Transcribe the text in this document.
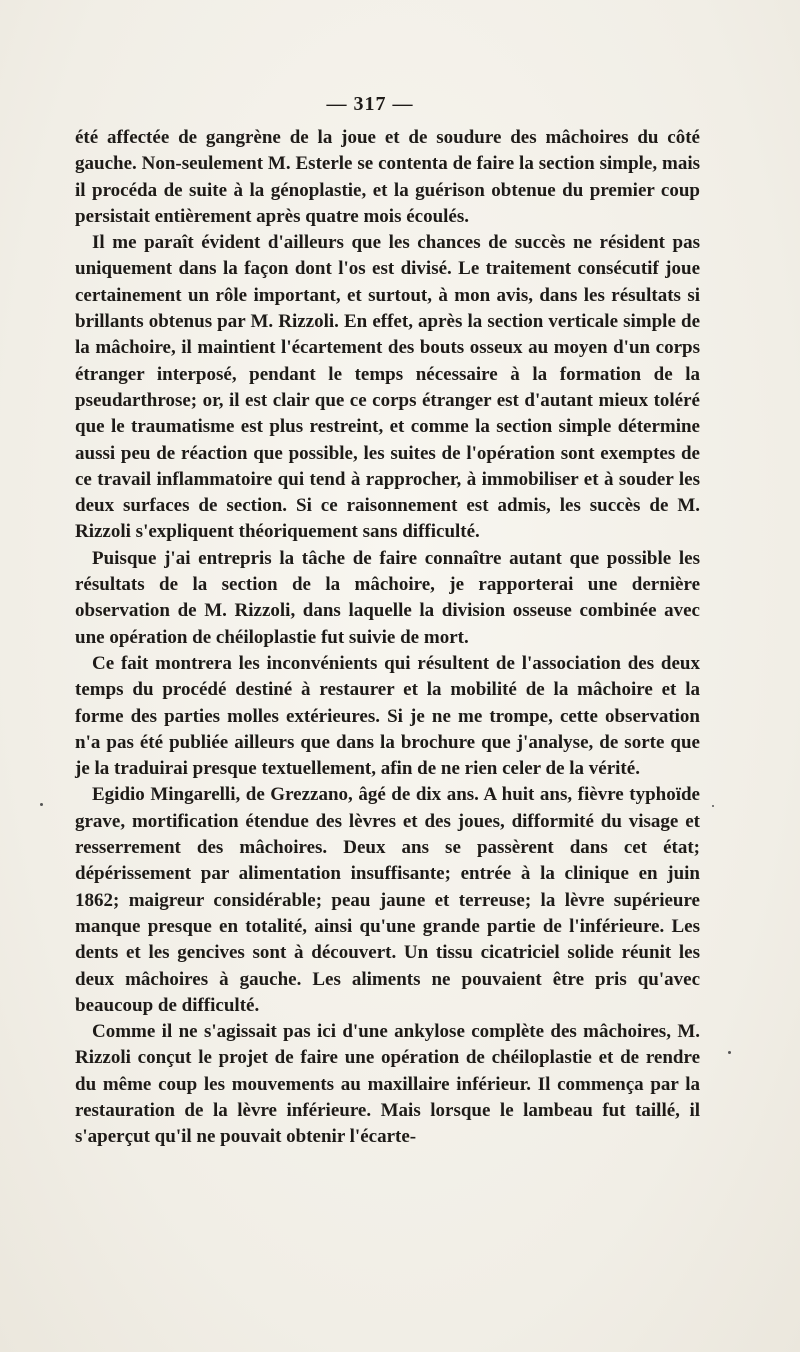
— 317 —

été affectée de gangrène de la joue et de soudure des mâchoires du côté gauche. Non-seulement M. Esterle se contenta de faire la section simple, mais il procéda de suite à la génoplastie, et la guérison obtenue du premier coup persistait entièrement après quatre mois écoulés.

Il me paraît évident d'ailleurs que les chances de succès ne résident pas uniquement dans la façon dont l'os est divisé. Le traitement consécutif joue certainement un rôle important, et surtout, à mon avis, dans les résultats si brillants obtenus par M. Rizzoli. En effet, après la section verticale simple de la mâchoire, il maintient l'écartement des bouts osseux au moyen d'un corps étranger interposé, pendant le temps nécessaire à la formation de la pseudarthrose; or, il est clair que ce corps étranger est d'autant mieux toléré que le traumatisme est plus restreint, et comme la section simple détermine aussi peu de réaction que possible, les suites de l'opération sont exemptes de ce travail inflammatoire qui tend à rapprocher, à immobiliser et à souder les deux surfaces de section. Si ce raisonnement est admis, les succès de M. Rizzoli s'expliquent théoriquement sans difficulté.

Puisque j'ai entrepris la tâche de faire connaître autant que possible les résultats de la section de la mâchoire, je rapporterai une dernière observation de M. Rizzoli, dans laquelle la division osseuse combinée avec une opération de chéiloplastie fut suivie de mort.

Ce fait montrera les inconvénients qui résultent de l'association des deux temps du procédé destiné à restaurer et la mobilité de la mâchoire et la forme des parties molles extérieures. Si je ne me trompe, cette observation n'a pas été publiée ailleurs que dans la brochure que j'analyse, de sorte que je la traduirai presque textuellement, afin de ne rien celer de la vérité.

Egidio Mingarelli, de Grezzano, âgé de dix ans. A huit ans, fièvre typhoïde grave, mortification étendue des lèvres et des joues, difformité du visage et resserrement des mâchoires. Deux ans se passèrent dans cet état; dépérissement par alimentation insuffisante; entrée à la clinique en juin 1862; maigreur considérable; peau jaune et terreuse; la lèvre supérieure manque presque en totalité, ainsi qu'une grande partie de l'inférieure. Les dents et les gencives sont à découvert. Un tissu cicatriciel solide réunit les deux mâchoires à gauche. Les aliments ne pouvaient être pris qu'avec beaucoup de difficulté.

Comme il ne s'agissait pas ici d'une ankylose complète des mâchoires, M. Rizzoli conçut le projet de faire une opération de chéiloplastie et de rendre du même coup les mouvements au maxillaire inférieur. Il commença par la restauration de la lèvre inférieure. Mais lorsque le lambeau fut taillé, il s'aperçut qu'il ne pouvait obtenir l'écarte-
